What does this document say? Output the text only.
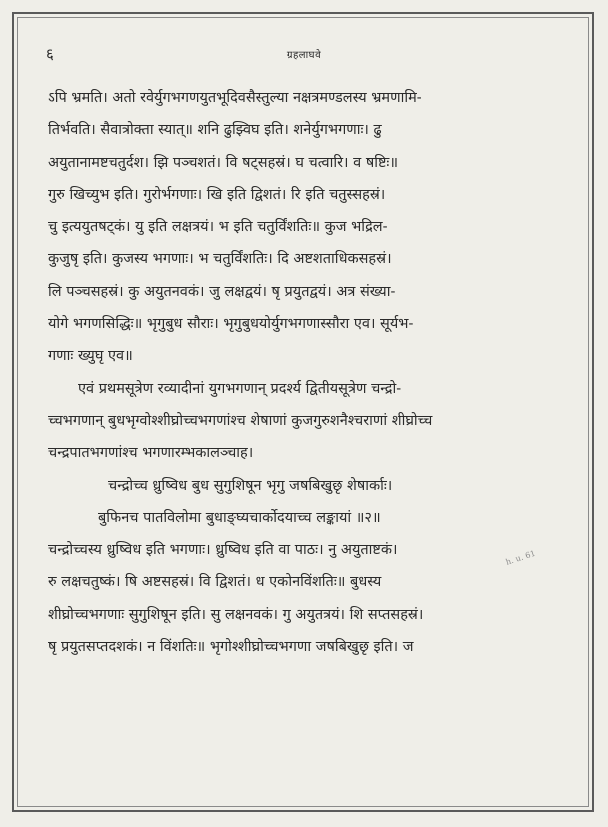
६	ग्रहलाघवे
ऽपि भ्रमति। अतो रवेर्युगभगणयुतभूदिवसैस्तुल्या नक्षत्रमण्डलस्य भ्रमणामि-
तिर्भवति। सैवात्रोक्ता स्यात्॥ शनि ढुझ्विघ इति। शनेर्युगभगणाः। ढु
अयुतानामष्टचतुर्दश। झि पञ्चशतं। वि षट्सहस्रं। घ चत्वारि। व षष्टिः॥
गुरु खिच्युभ इति। गुरोर्भगणाः। खि इति द्विशतं। रि इति चतुस्सहस्रं।
चु इत्ययुतषट्कं। यु इति लक्षत्रयं। भ इति चतुर्विंशतिः॥ कुज भद्रिल-
कुजुषृ इति। कुजस्य भगणाः। भ चतुर्विंशतिः। दि अष्टशताधिकसहस्रं।
लि पञ्चसहस्रं। कु अयुतनवकं। जु लक्षद्वयं। षृ प्रयुतद्वयं। अत्र संख्या-
योगे भगणसिद्धिः॥ भृगुबुध सौराः। भृगुबुधयोर्युगभगणास्सौरा एव। सूर्यभ-
गणाः ख्युघृ एव॥
एवं प्रथमसूत्रेण रव्यादीनां युगभगणान् प्रदर्श्य द्वितीयसूत्रेण चन्द्रो-
च्चभगणान् बुधभृग्वोश्शीघ्रोच्चभगणांश्च शेषाणां कुजगुरुशनैश्चराणां शीघ्रोच्च
चन्द्रपातभगणांश्च भगणारम्भकालञ्चाह।
चन्द्रोच्च ध्रुष्विध बुध सुगुशिषून भृगु जषबिखुछृ शेषार्काः।
बुफिनच पातविलोमा बुधाङ्घ्यचार्कोदयाच्च लङ्कायां ॥२॥
चन्द्रोच्चस्य ध्रुष्विध इति भगणाः। ध्रुष्विध इति वा पाठः। नु अयुताष्टकं।
रु लक्षचतुष्कं। षि अष्टसहस्रं। वि द्विशतं। ध एकोनविंशतिः॥ बुधस्य
शीघ्रोच्चभगणाः सुगुशिषून इति। सु लक्षनवकं। गु अयुतत्रयं। शि सप्तसहस्रं।
षृ प्रयुतसप्तदशकं। न विंशतिः॥ भृगोश्शीघ्रोच्चभगणा जषबिखुछृ इति। ज
h. u. 61
